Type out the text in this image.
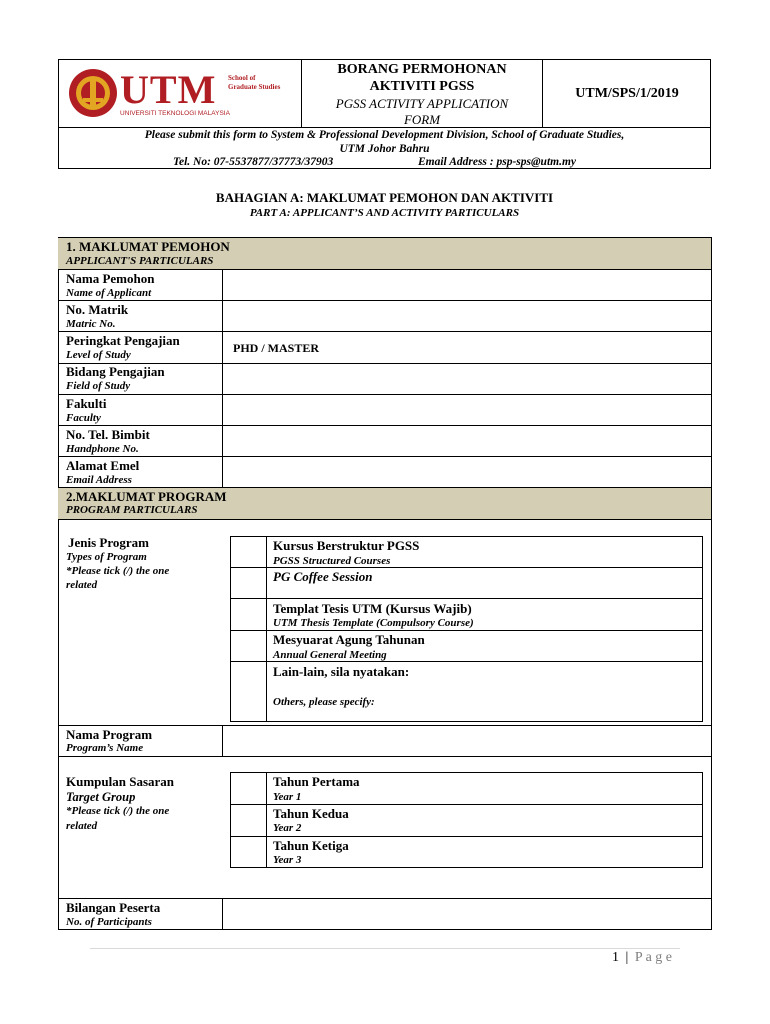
UTM School of
Graduate Studies
UNIVERSITI TEKNOLOGI MALAYSIA
BORANG PERMOHONAN
AKTIVITI PGSS
PGSS ACTIVITY APPLICATION
FORM
UTM/SPS/1/2019
Please submit this form to System & Professional Development Division, School of Graduate Studies,
UTM Johor Bahru
Tel. No: 07-5537877/37773/37903	Email Address : psp-sps@utm.my
BAHAGIAN A: MAKLUMAT PEMOHON DAN AKTIVITI
PART A: APPLICANT’S AND ACTIVITY PARTICULARS
1. MAKLUMAT PEMOHON
APPLICANT'S PARTICULARS
Nama Pemohon
Name of Applicant
No. Matrik
Matric No.
Peringkat Pengajian
Level of Study	PHD / MASTER
Bidang Pengajian
Field of Study
Fakulti
Faculty
No. Tel. Bimbit
Handphone No.
Alamat Emel
Email Address
2.MAKLUMAT PROGRAM
PROGRAM PARTICULARS
Jenis Program
Types of Program
*Please tick (/) the one
related
Kursus Berstruktur PGSS
PGSS Structured Courses
PG Coffee Session
Templat Tesis UTM (Kursus Wajib)
UTM Thesis Template (Compulsory Course)
Mesyuarat Agung Tahunan
Annual General Meeting
Lain-lain, sila nyatakan:
Others, please specify:
Nama Program
Program’s Name
Kumpulan Sasaran
Target Group
*Please tick (/) the one
related
Tahun Pertama
Year 1
Tahun Kedua
Year 2
Tahun Ketiga
Year 3
Bilangan Peserta
No. of Participants
1 | P a g e
